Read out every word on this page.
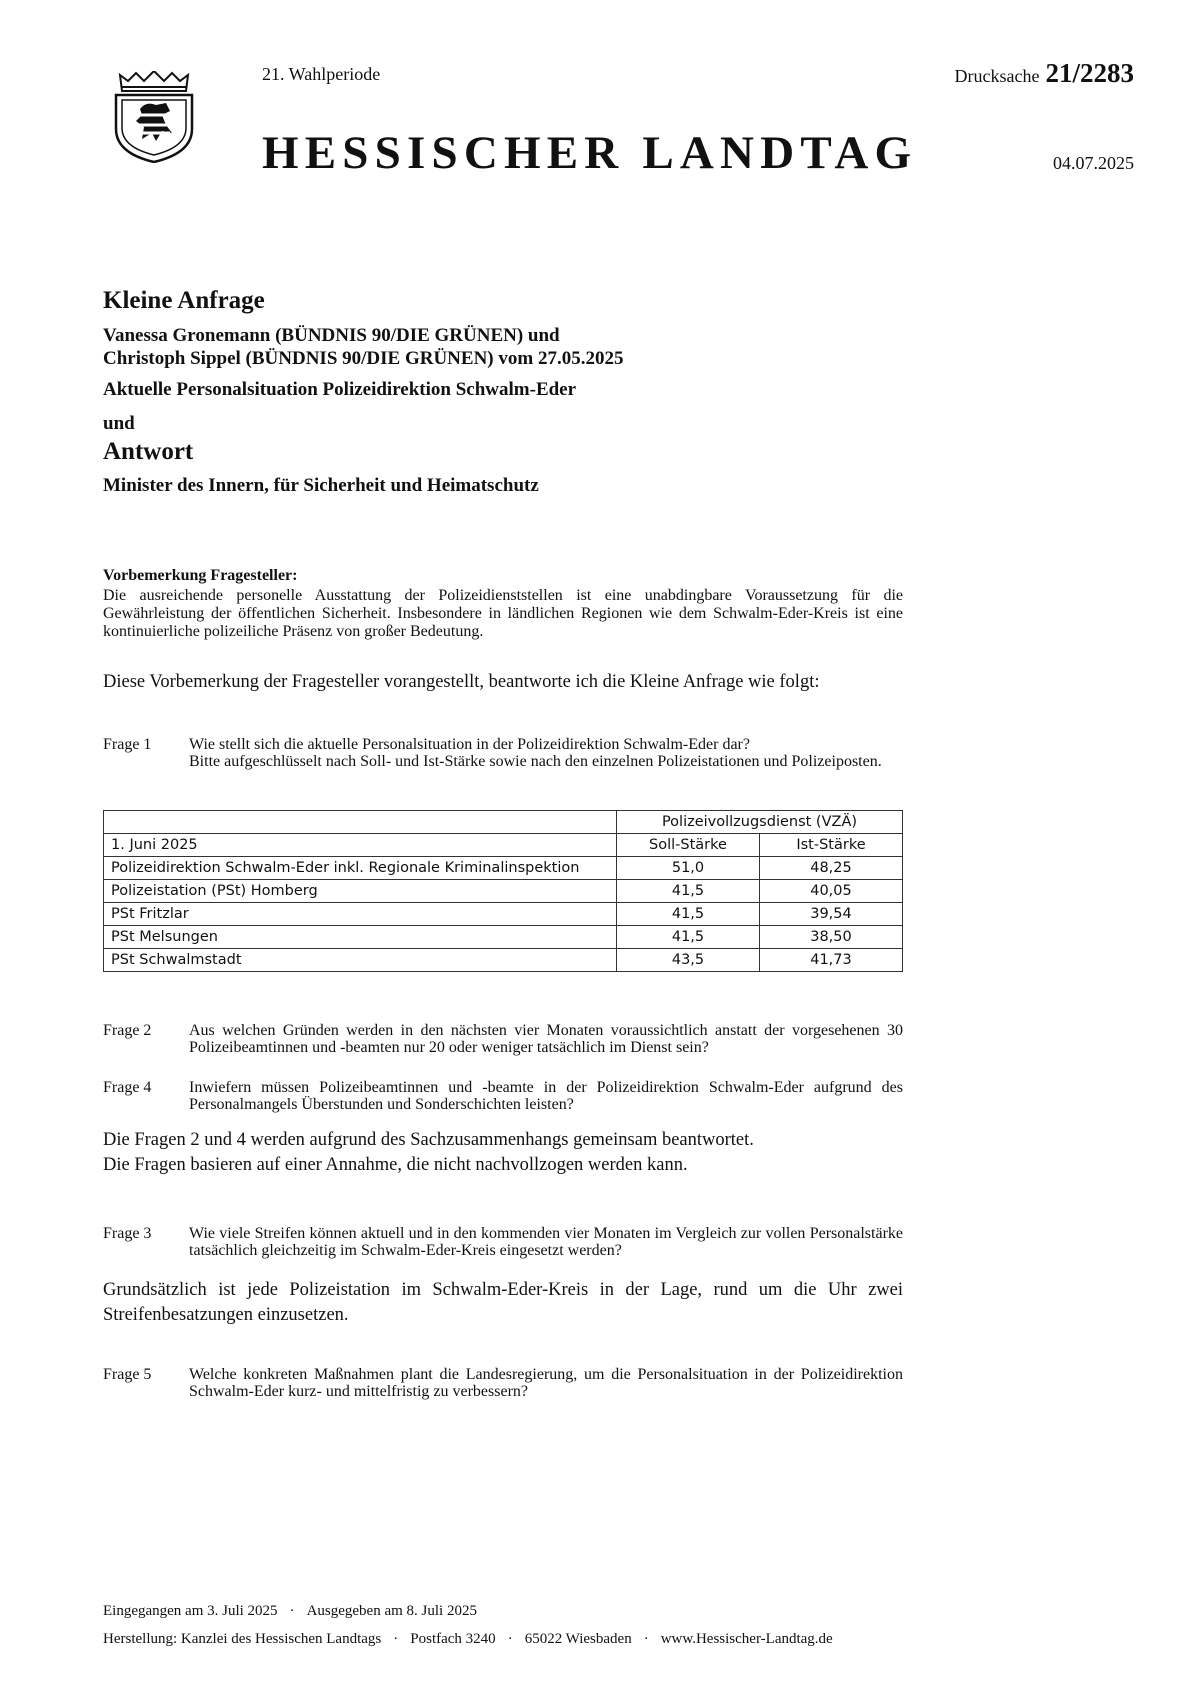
21. Wahlperiode	Drucksache 21/2283
HESSISCHER LANDTAG	04.07.2025
Kleine Anfrage
Vanessa Gronemann (BÜNDNIS 90/DIE GRÜNEN) und
Christoph Sippel (BÜNDNIS 90/DIE GRÜNEN) vom 27.05.2025
Aktuelle Personalsituation Polizeidirektion Schwalm-Eder
und
Antwort
Minister des Innern, für Sicherheit und Heimatschutz
Vorbemerkung Fragesteller:
Die ausreichende personelle Ausstattung der Polizeidienststellen ist eine unabdingbare Voraussetzung für die Gewährleistung der öffentlichen Sicherheit. Insbesondere in ländlichen Regionen wie dem Schwalm-Eder-Kreis ist eine kontinuierliche polizeiliche Präsenz von großer Bedeutung.
Diese Vorbemerkung der Fragesteller vorangestellt, beantworte ich die Kleine Anfrage wie folgt:
Frage 1 Wie stellt sich die aktuelle Personalsituation in der Polizeidirektion Schwalm-Eder dar?
Bitte aufgeschlüsselt nach Soll- und Ist-Stärke sowie nach den einzelnen Polizeistationen und Polizeiposten.
	Polizeivollzugsdienst (VZÄ)	
1. Juni 2025	Soll-Stärke	Ist-Stärke
Polizeidirektion Schwalm-Eder inkl. Regionale Kriminalinspektion	51,0	48,25
Polizeistation (PSt) Homberg	41,5	40,05
PSt Fritzlar	41,5	39,54
PSt Melsungen	41,5	38,50
PSt Schwalmstadt	43,5	41,73
Frage 2 Aus welchen Gründen werden in den nächsten vier Monaten voraussichtlich anstatt der vorgesehenen 30 Polizeibeamtinnen und -beamten nur 20 oder weniger tatsächlich im Dienst sein?
Frage 4 Inwiefern müssen Polizeibeamtinnen und -beamte in der Polizeidirektion Schwalm-Eder aufgrund des Personalmangels Überstunden und Sonderschichten leisten?
Die Fragen 2 und 4 werden aufgrund des Sachzusammenhangs gemeinsam beantwortet.
Die Fragen basieren auf einer Annahme, die nicht nachvollzogen werden kann.
Frage 3 Wie viele Streifen können aktuell und in den kommenden vier Monaten im Vergleich zur vollen Personalstärke tatsächlich gleichzeitig im Schwalm-Eder-Kreis eingesetzt werden?
Grundsätzlich ist jede Polizeistation im Schwalm-Eder-Kreis in der Lage, rund um die Uhr zwei Streifenbesatzungen einzusetzen.
Frage 5 Welche konkreten Maßnahmen plant die Landesregierung, um die Personalsituation in der Polizeidirektion Schwalm-Eder kurz- und mittelfristig zu verbessern?
Eingegangen am 3. Juli 2025 · Ausgegeben am 8. Juli 2025
Herstellung: Kanzlei des Hessischen Landtags · Postfach 3240 · 65022 Wiesbaden · www.Hessischer-Landtag.de
